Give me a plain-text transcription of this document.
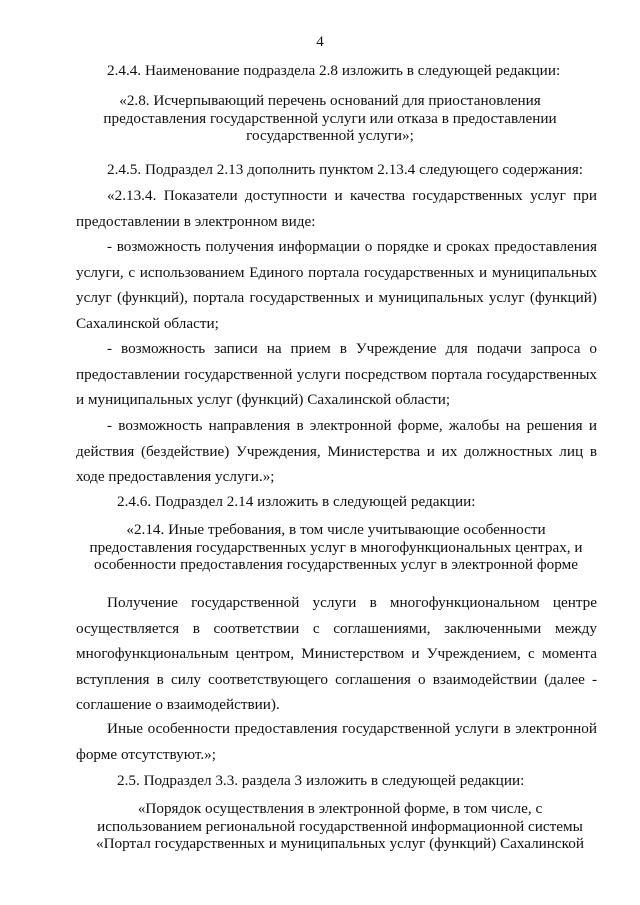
4

2.4.4. Наименование подраздела 2.8 изложить в следующей редакции:

«2.8. Исчерпывающий перечень оснований для приостановления предоставления государственной услуги или отказа в предоставлении государственной услуги»;

2.4.5. Подраздел 2.13 дополнить пунктом 2.13.4 следующего содержания:

«2.13.4. Показатели доступности и качества государственных услуг при предоставлении в электронном виде:

- возможность получения информации о порядке и сроках предоставления услуги, с использованием Единого портала государственных и муниципальных услуг (функций), портала государственных и муниципальных услуг (функций) Сахалинской области;

- возможность записи на прием в Учреждение для подачи запроса о предоставлении государственной услуги посредством портала государственных и муниципальных услуг (функций) Сахалинской области;

- возможность направления в электронной форме, жалобы на решения и действия (бездействие) Учреждения, Министерства и их должностных лиц в ходе предоставления услуги.»;

2.4.6. Подраздел 2.14 изложить в следующей редакции:

«2.14. Иные требования, в том числе учитывающие особенности предоставления государственных услуг в многофункциональных центрах, и особенности предоставления государственных услуг в электронной форме

Получение государственной услуги в многофункциональном центре осуществляется в соответствии с соглашениями, заключенными между многофункциональным центром, Министерством и Учреждением, с момента вступления в силу соответствующего соглашения о взаимодействии (далее - соглашение о взаимодействии).

Иные особенности предоставления государственной услуги в электронной форме отсутствуют.»;

2.5. Подраздел 3.3. раздела 3 изложить в следующей редакции:

«Порядок осуществления в электронной форме, в том числе, с использованием региональной государственной информационной системы «Портал государственных и муниципальных услуг (функций) Сахалинской
